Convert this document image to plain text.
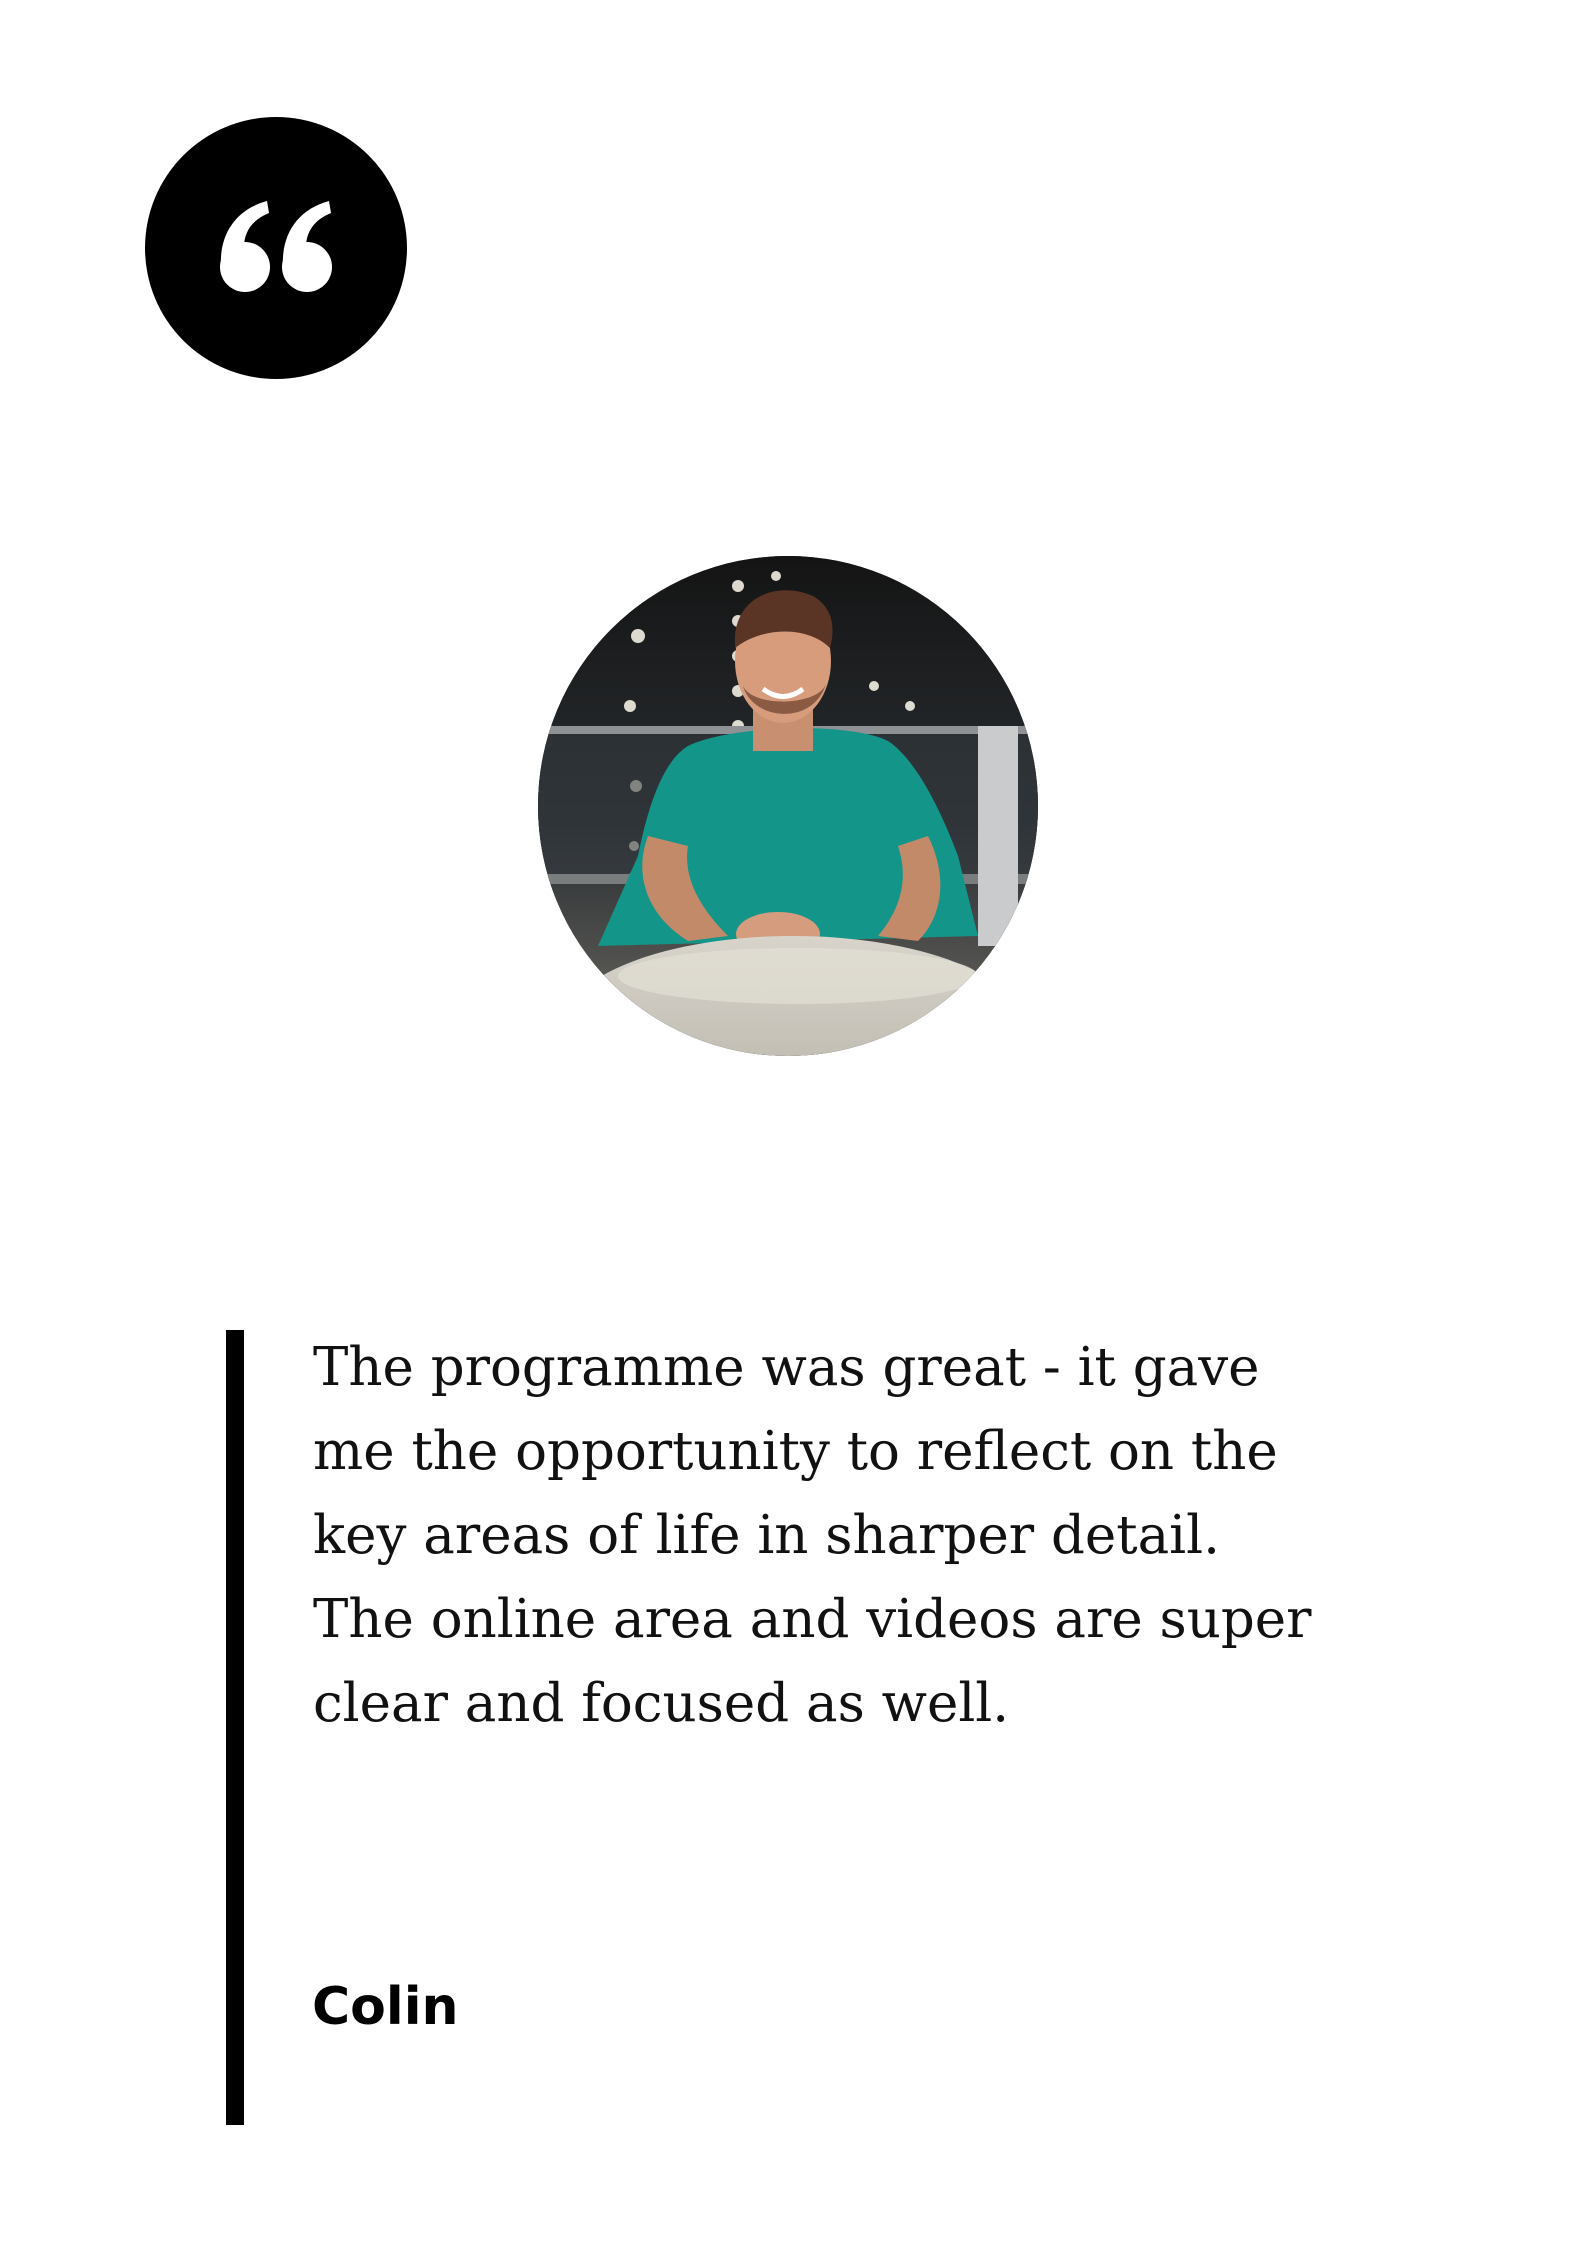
The programme was great - it gave
me the opportunity to reflect on the
key areas of life in sharper detail.
The online area and videos are super
clear and focused as well.

Colin
